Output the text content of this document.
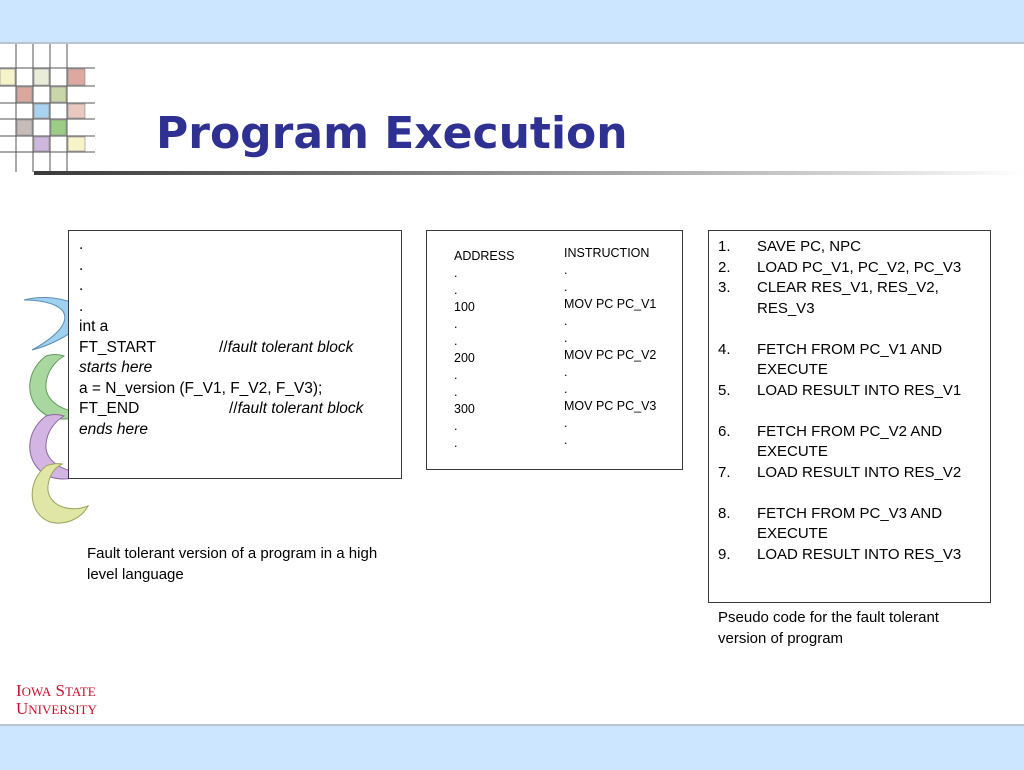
Program Execution
.
.
.
.
int a
FT_START	//fault tolerant block
starts here
a = N_version (F_V1, F_V2, F_V3);
FT_END	//fault tolerant block
ends here
ADDRESS
.
.
100
.
.
200
.
.
300
.
.
INSTRUCTION
.
.
MOV PC PC_V1
.
.
MOV PC PC_V2
.
.
MOV PC PC_V3
.
.
1. SAVE PC, NPC
2. LOAD PC_V1, PC_V2, PC_V3
3. CLEAR RES_V1, RES_V2, RES_V3
4. FETCH FROM PC_V1 AND EXECUTE
5. LOAD RESULT INTO RES_V1
6. FETCH FROM PC_V2 AND EXECUTE
7. LOAD RESULT INTO RES_V2
8. FETCH FROM PC_V3 AND EXECUTE
9. LOAD RESULT INTO RES_V3
Fault tolerant version of a program in a high level language
Pseudo code for the fault tolerant version of program
IOWA STATE
UNIVERSITY
